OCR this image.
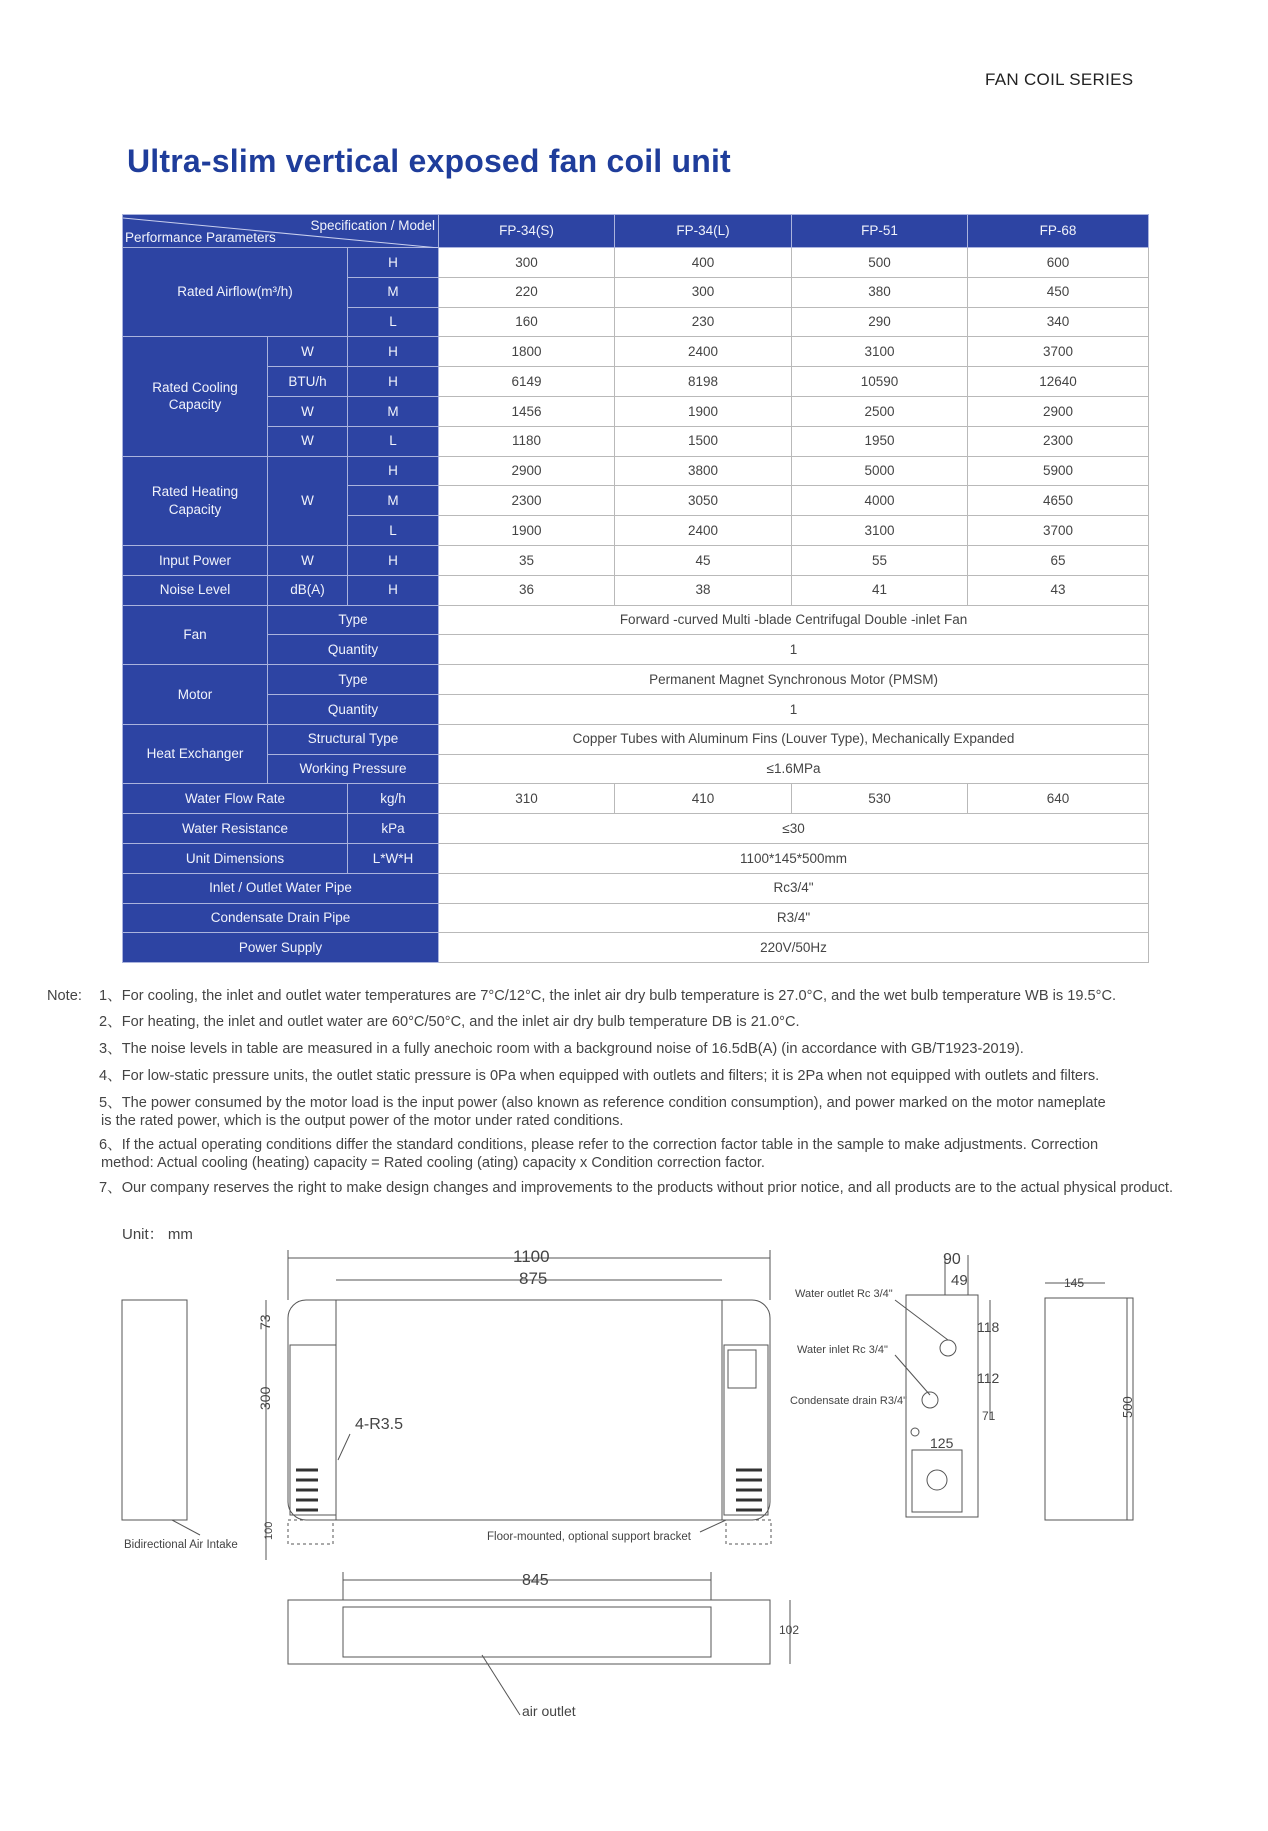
FAN COIL SERIES
Ultra-slim vertical exposed fan coil unit
Specification / Model
Performance Parameters			FP-34(S)	FP-34(L)	FP-51	FP-68
Rated Airflow(m³/h)		H	300	400	500	600
		M	220	300	380	450
		L	160	230	290	340
Rated Cooling Capacity	W	H	1800	2400	3100	3700
	BTU/h	H	6149	8198	10590	12640
	W	M	1456	1900	2500	2900
	W	L	1180	1500	1950	2300
Rated Heating Capacity	W	H	2900	3800	5000	5900
		M	2300	3050	4000	4650
		L	1900	2400	3100	3700
Input Power	W	H	35	45	55	65
Noise Level	dB(A)	H	36	38	41	43
Fan	Type		Forward -curved Multi -blade Centrifugal Double -inlet Fan			
	Quantity		1			
Motor	Type		Permanent Magnet Synchronous Motor (PMSM)			
	Quantity		1			
Heat Exchanger	Structural Type		Copper Tubes with Aluminum Fins (Louver Type), Mechanically Expanded			
	Working Pressure		≤1.6MPa			
Water Flow Rate		kg/h	310	410	530	640
Water Resistance		kPa	≤30			
Unit Dimensions		L*W*H	1100*145*500mm			
Inlet / Outlet Water Pipe			Rc3/4"			
Condensate Drain Pipe			R3/4"			
Power Supply			220V/50Hz			
Note: 1、For cooling, the inlet and outlet water temperatures are 7°C/12°C, the inlet air dry bulb temperature is 27.0°C, and the wet bulb temperature WB is 19.5°C.
2、For heating, the inlet and outlet water are 60°C/50°C, and the inlet air dry bulb temperature DB is 21.0°C.
3、The noise levels in table are measured in a fully anechoic room with a background noise of 16.5dB(A) (in accordance with GB/T1923-2019).
4、For low-static pressure units, the outlet static pressure is 0Pa when equipped with outlets and filters; it is 2Pa when not equipped with outlets and filters.
5、The power consumed by the motor load is the input power (also known as reference condition consumption), and power marked on the motor nameplate
is the rated power, which is the output power of the motor under rated conditions.
6、If the actual operating conditions differ the standard conditions, please refer to the correction factor table in the sample to make adjustments. Correction
method: Actual cooling (heating) capacity = Rated cooling (ating) capacity x Condition correction factor.
7、Our company reserves the right to make design changes and improvements to the products without prior notice, and all products are to the actual physical product.
Unit： mm
Bidirectional Air Intake
Floor-mounted, optional support bracket
1100
875
73
300
100
4-R3.5
90
49
118
112
71
125
Water outlet Rc 3/4"
Water inlet Rc 3/4"
Condensate drain R3/4"
145
500
845
102
air outlet
